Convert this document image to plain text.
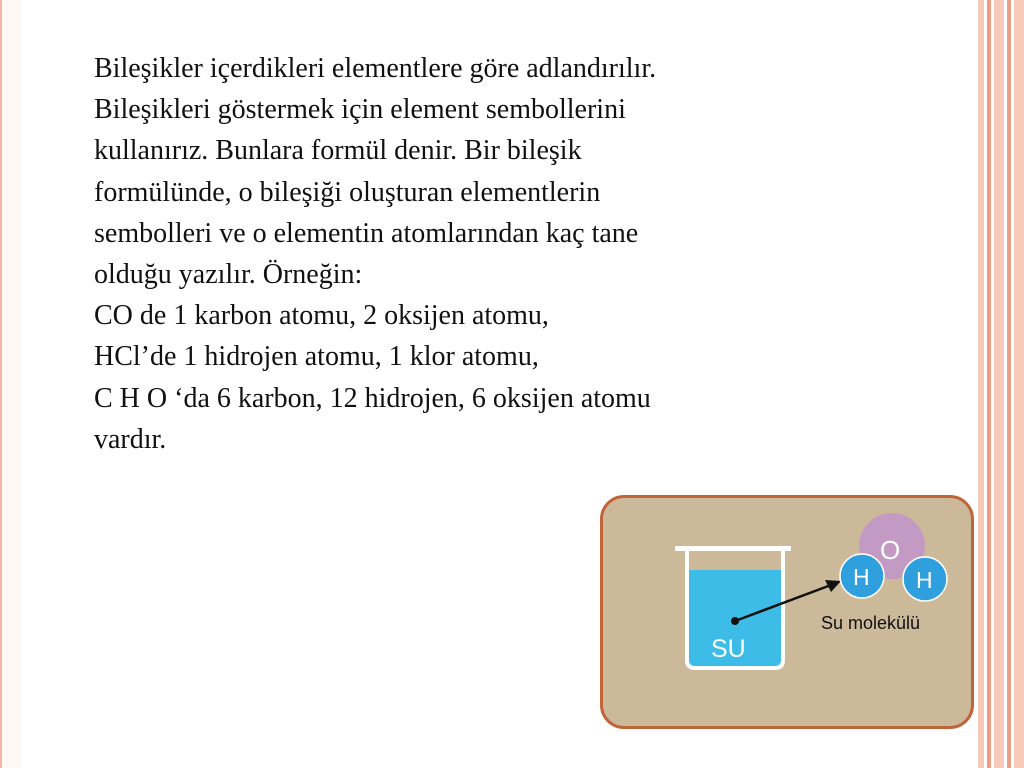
Bileşikler içerdikleri elementlere göre adlandırılır.
Bileşikleri göstermek için element sembollerini
kullanırız. Bunlara formül denir. Bir bileşik
formülünde, o bileşiği oluşturan elementlerin
sembolleri ve o elementin atomlarından kaç tane
olduğu yazılır. Örneğin:
CO de 1 karbon atomu, 2 oksijen atomu,
HCl’de 1 hidrojen atomu, 1 klor atomu,
C H O ‘da 6 karbon, 12 hidrojen, 6 oksijen atomu
vardır.
SU
O
H H
Su molekülü
